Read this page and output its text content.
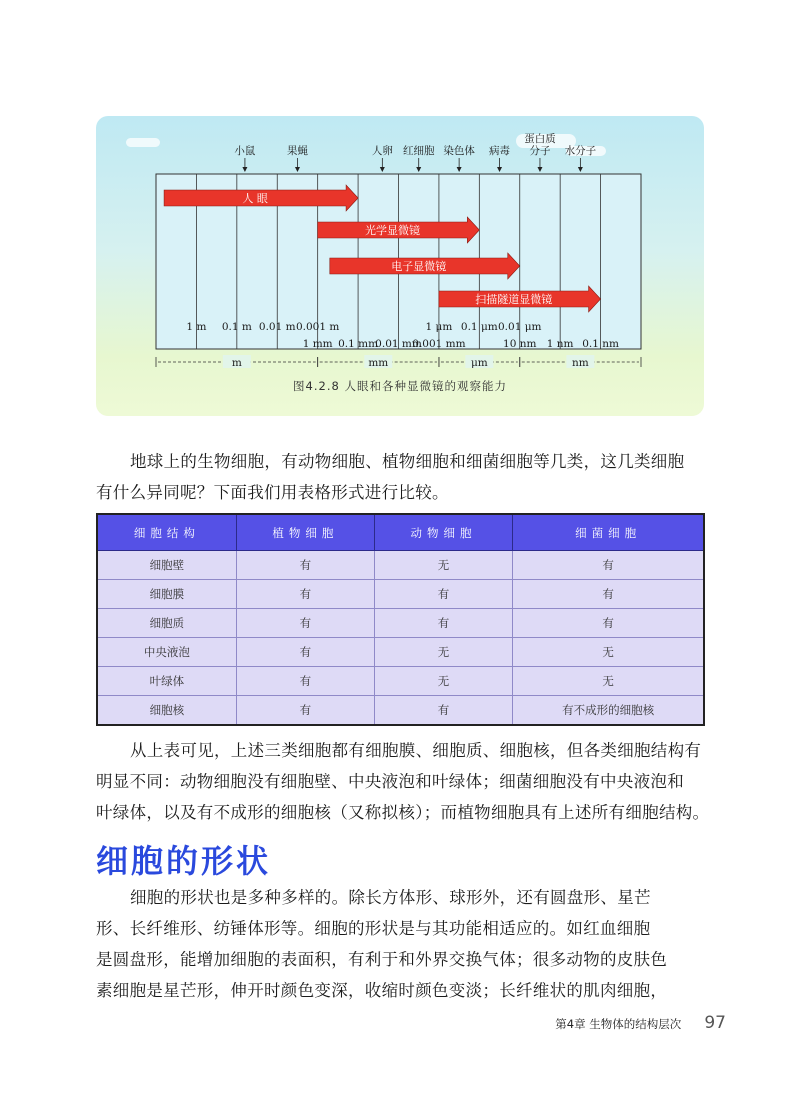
小鼠	果蝇	人卵 红细胞 染色体 病毒
蛋白质
分子 水分子
人 眼
光学显微镜
电子显微镜
扫描隧道显微镜
1 m 0.1 m 0.01 m 0.001 m	1 μm 0.1 μm 0.01 μm
1 mm 0.1 mm
0.01 mm
0.001 mm	10 nm 1 nm 0.1 nm
m	mm	μm	nm
图4.2.8 人眼和各种显微镜的观察能力

地球上的生物细胞，有动物细胞、植物细胞和细菌细胞等几类，这几类细胞
有什么异同呢？下面我们用表格形式进行比较。

细胞结构	植物细胞	动物细胞	细菌细胞
细胞壁	有	无	有
细胞膜	有	有	有
细胞质	有	有	有
中央液泡	有	无	无
叶绿体	有	无	无
细胞核	有	有	有不成形的细胞核

从上表可见，上述三类细胞都有细胞膜、细胞质、细胞核，但各类细胞结构有
明显不同：动物细胞没有细胞壁、中央液泡和叶绿体；细菌细胞没有中央液泡和
叶绿体，以及有不成形的细胞核（又称拟核）；而植物细胞具有上述所有细胞结构。

细胞的形状

细胞的形状也是多种多样的。除长方体形、球形外，还有圆盘形、星芒
形、长纤维形、纺锤体形等。细胞的形状是与其功能相适应的。如红血细胞
是圆盘形，能增加细胞的表面积，有利于和外界交换气体；很多动物的皮肤色
素细胞是星芒形，伸开时颜色变深，收缩时颜色变淡；长纤维状的肌肉细胞，

第4章 生物体的结构层次 97
